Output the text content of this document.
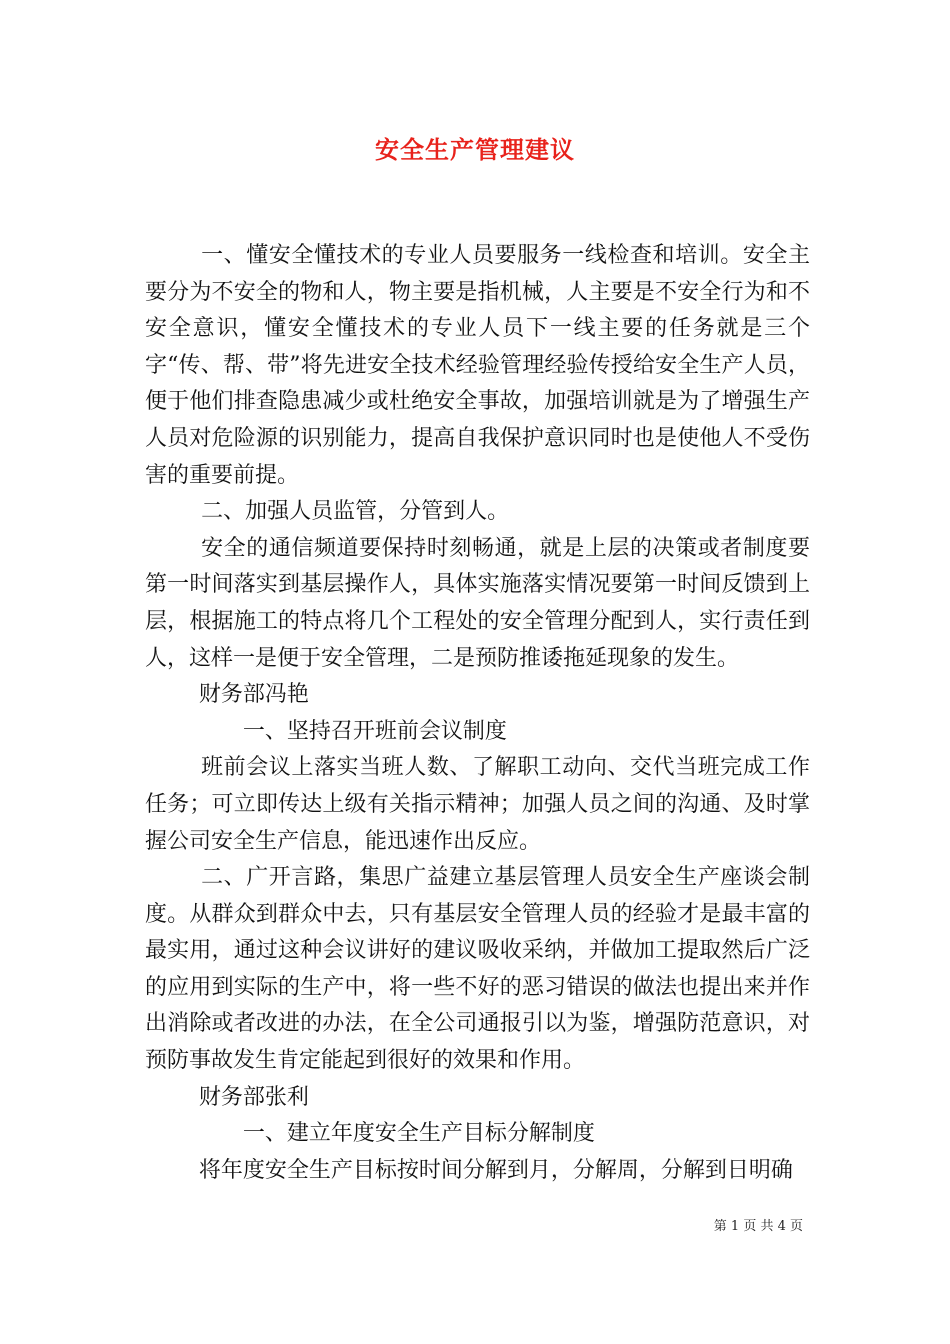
安全生产管理建议

一、懂安全懂技术的专业人员要服务一线检查和培训。安全主要分为不安全的物和人，物主要是指机械，人主要是不安全行为和不安全意识，懂安全懂技术的专业人员下一线主要的任务就是三个字“传、帮、带”将先进安全技术经验管理经验传授给安全生产人员，便于他们排查隐患减少或杜绝安全事故，加强培训就是为了增强生产人员对危险源的识别能力，提高自我保护意识同时也是使他人不受伤害的重要前提。

二、加强人员监管，分管到人。

安全的通信频道要保持时刻畅通，就是上层的决策或者制度要第一时间落实到基层操作人，具体实施落实情况要第一时间反馈到上层，根据施工的特点将几个工程处的安全管理分配到人，实行责任到人，这样一是便于安全管理，二是预防推诿拖延现象的发生。

财务部冯艳

一、坚持召开班前会议制度

班前会议上落实当班人数、了解职工动向、交代当班完成工作任务；可立即传达上级有关指示精神；加强人员之间的沟通、及时掌握公司安全生产信息，能迅速作出反应。

二、广开言路，集思广益建立基层管理人员安全生产座谈会制度。从群众到群众中去，只有基层安全管理人员的经验才是最丰富的最实用，通过这种会议讲好的建议吸收采纳，并做加工提取然后广泛的应用到实际的生产中，将一些不好的恶习错误的做法也提出来并作出消除或者改进的办法，在全公司通报引以为鉴，增强防范意识，对预防事故发生肯定能起到很好的效果和作用。

财务部张利

一、建立年度安全生产目标分解制度

将年度安全生产目标按时间分解到月，分解周，分解到日明确

第 1 页 共 4 页
